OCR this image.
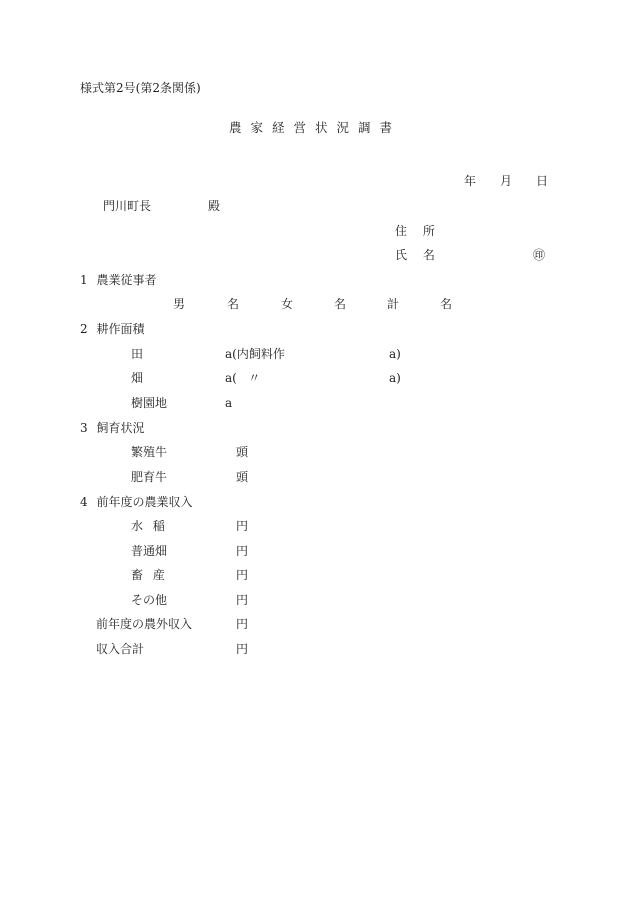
様式第2号(第2条関係)
農家経営状況調書
年 月 日
門川町長	殿
住 所
氏 名	㊞
1 農業従事者
男	名	女	名	計	名
2 耕作面積
田	a(内飼料作	a)
畑	a(   〃	a)
樹園地	a
3 飼育状況
繁殖牛	頭
肥育牛	頭
4 前年度の農業収入
水 稲	円
普通畑	円
畜 産	円
その他	円
前年度の農外収入	円
収入合計	円
